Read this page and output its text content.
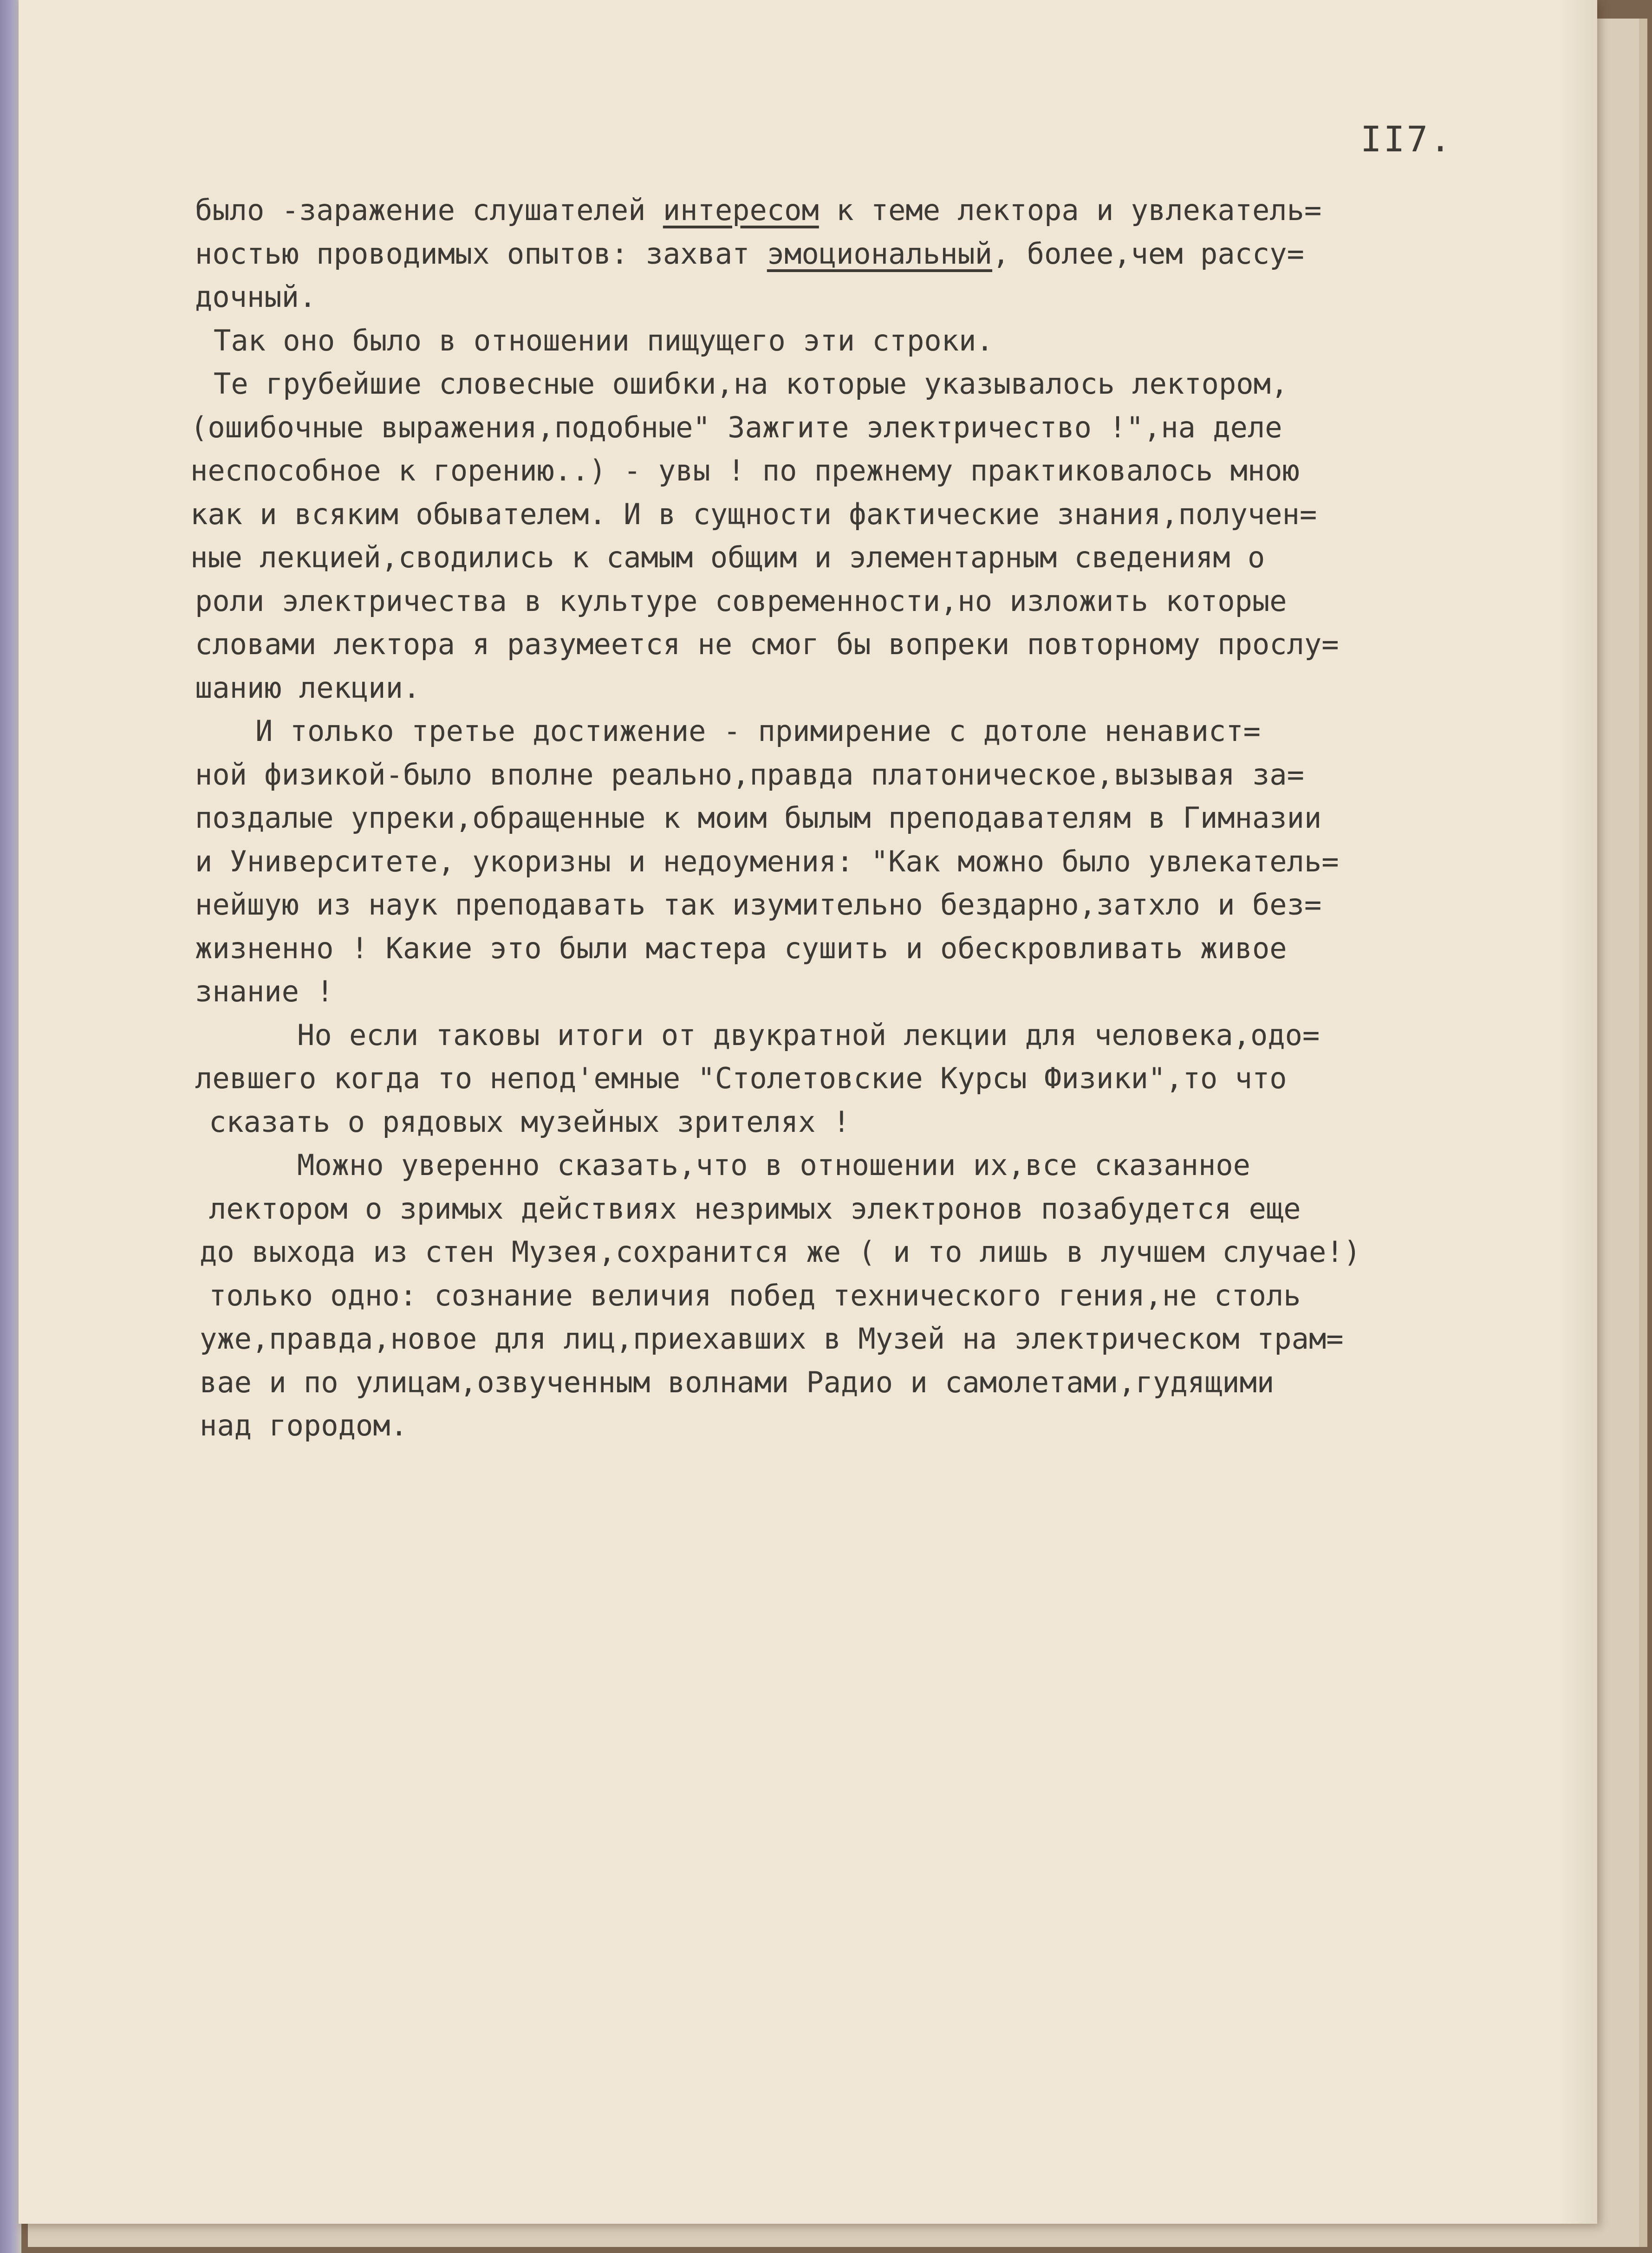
II7.
было -заражение слушателей интересом к теме лектора и увлекатель=
ностью проводимых опытов: захват эмоциональный, более,чем рассу=
дочный.
Так оно было в отношении пищущего эти строки.
Те грубейшие словесные ошибки,на которые указывалось лектором,
(ошибочные выражения,подобные" Зажгите электричество !",на деле
неспособное к горению..) - увы ! по прежнему практиковалось мною
как и всяким обывателем. И в сущности фактические знания,получен=
ные лекцией,сводились к самым общим и элементарным сведениям о
роли электричества в культуре современности,но изложить которые
словами лектора я разумеется не смог бы вопреки повторному прослу=
шанию лекции.
И только третье достижение - примирение с дотоле ненавист=
ной физикой-было вполне реально,правда платоническое,вызывая за=
поздалые упреки,обращенные к моим былым преподавателям в Гимназии
и Университете, укоризны и недоумения: "Как можно было увлекатель=
нейшую из наук преподавать так изумительно бездарно,затхло и без=
жизненно ! Какие это были мастера сушить и обескровливать живое
знание !
Но если таковы итоги от двукратной лекции для человека,одо=
левшего когда то непод'емные "Столетовские Курсы Физики",то что
сказать о рядовых музейных зрителях !
Можно уверенно сказать,что в отношении их,все сказанное
лектором о зримых действиях незримых электронов позабудется еще
до выхода из стен Музея,сохранится же ( и то лишь в лучшем случае!)
только одно: сознание величия побед технического гения,не столь
уже,правда,новое для лиц,приехавших в Музей на электрическом трам=
вае и по улицам,озвученным волнами Радио и самолетами,гудящими
над городом.
